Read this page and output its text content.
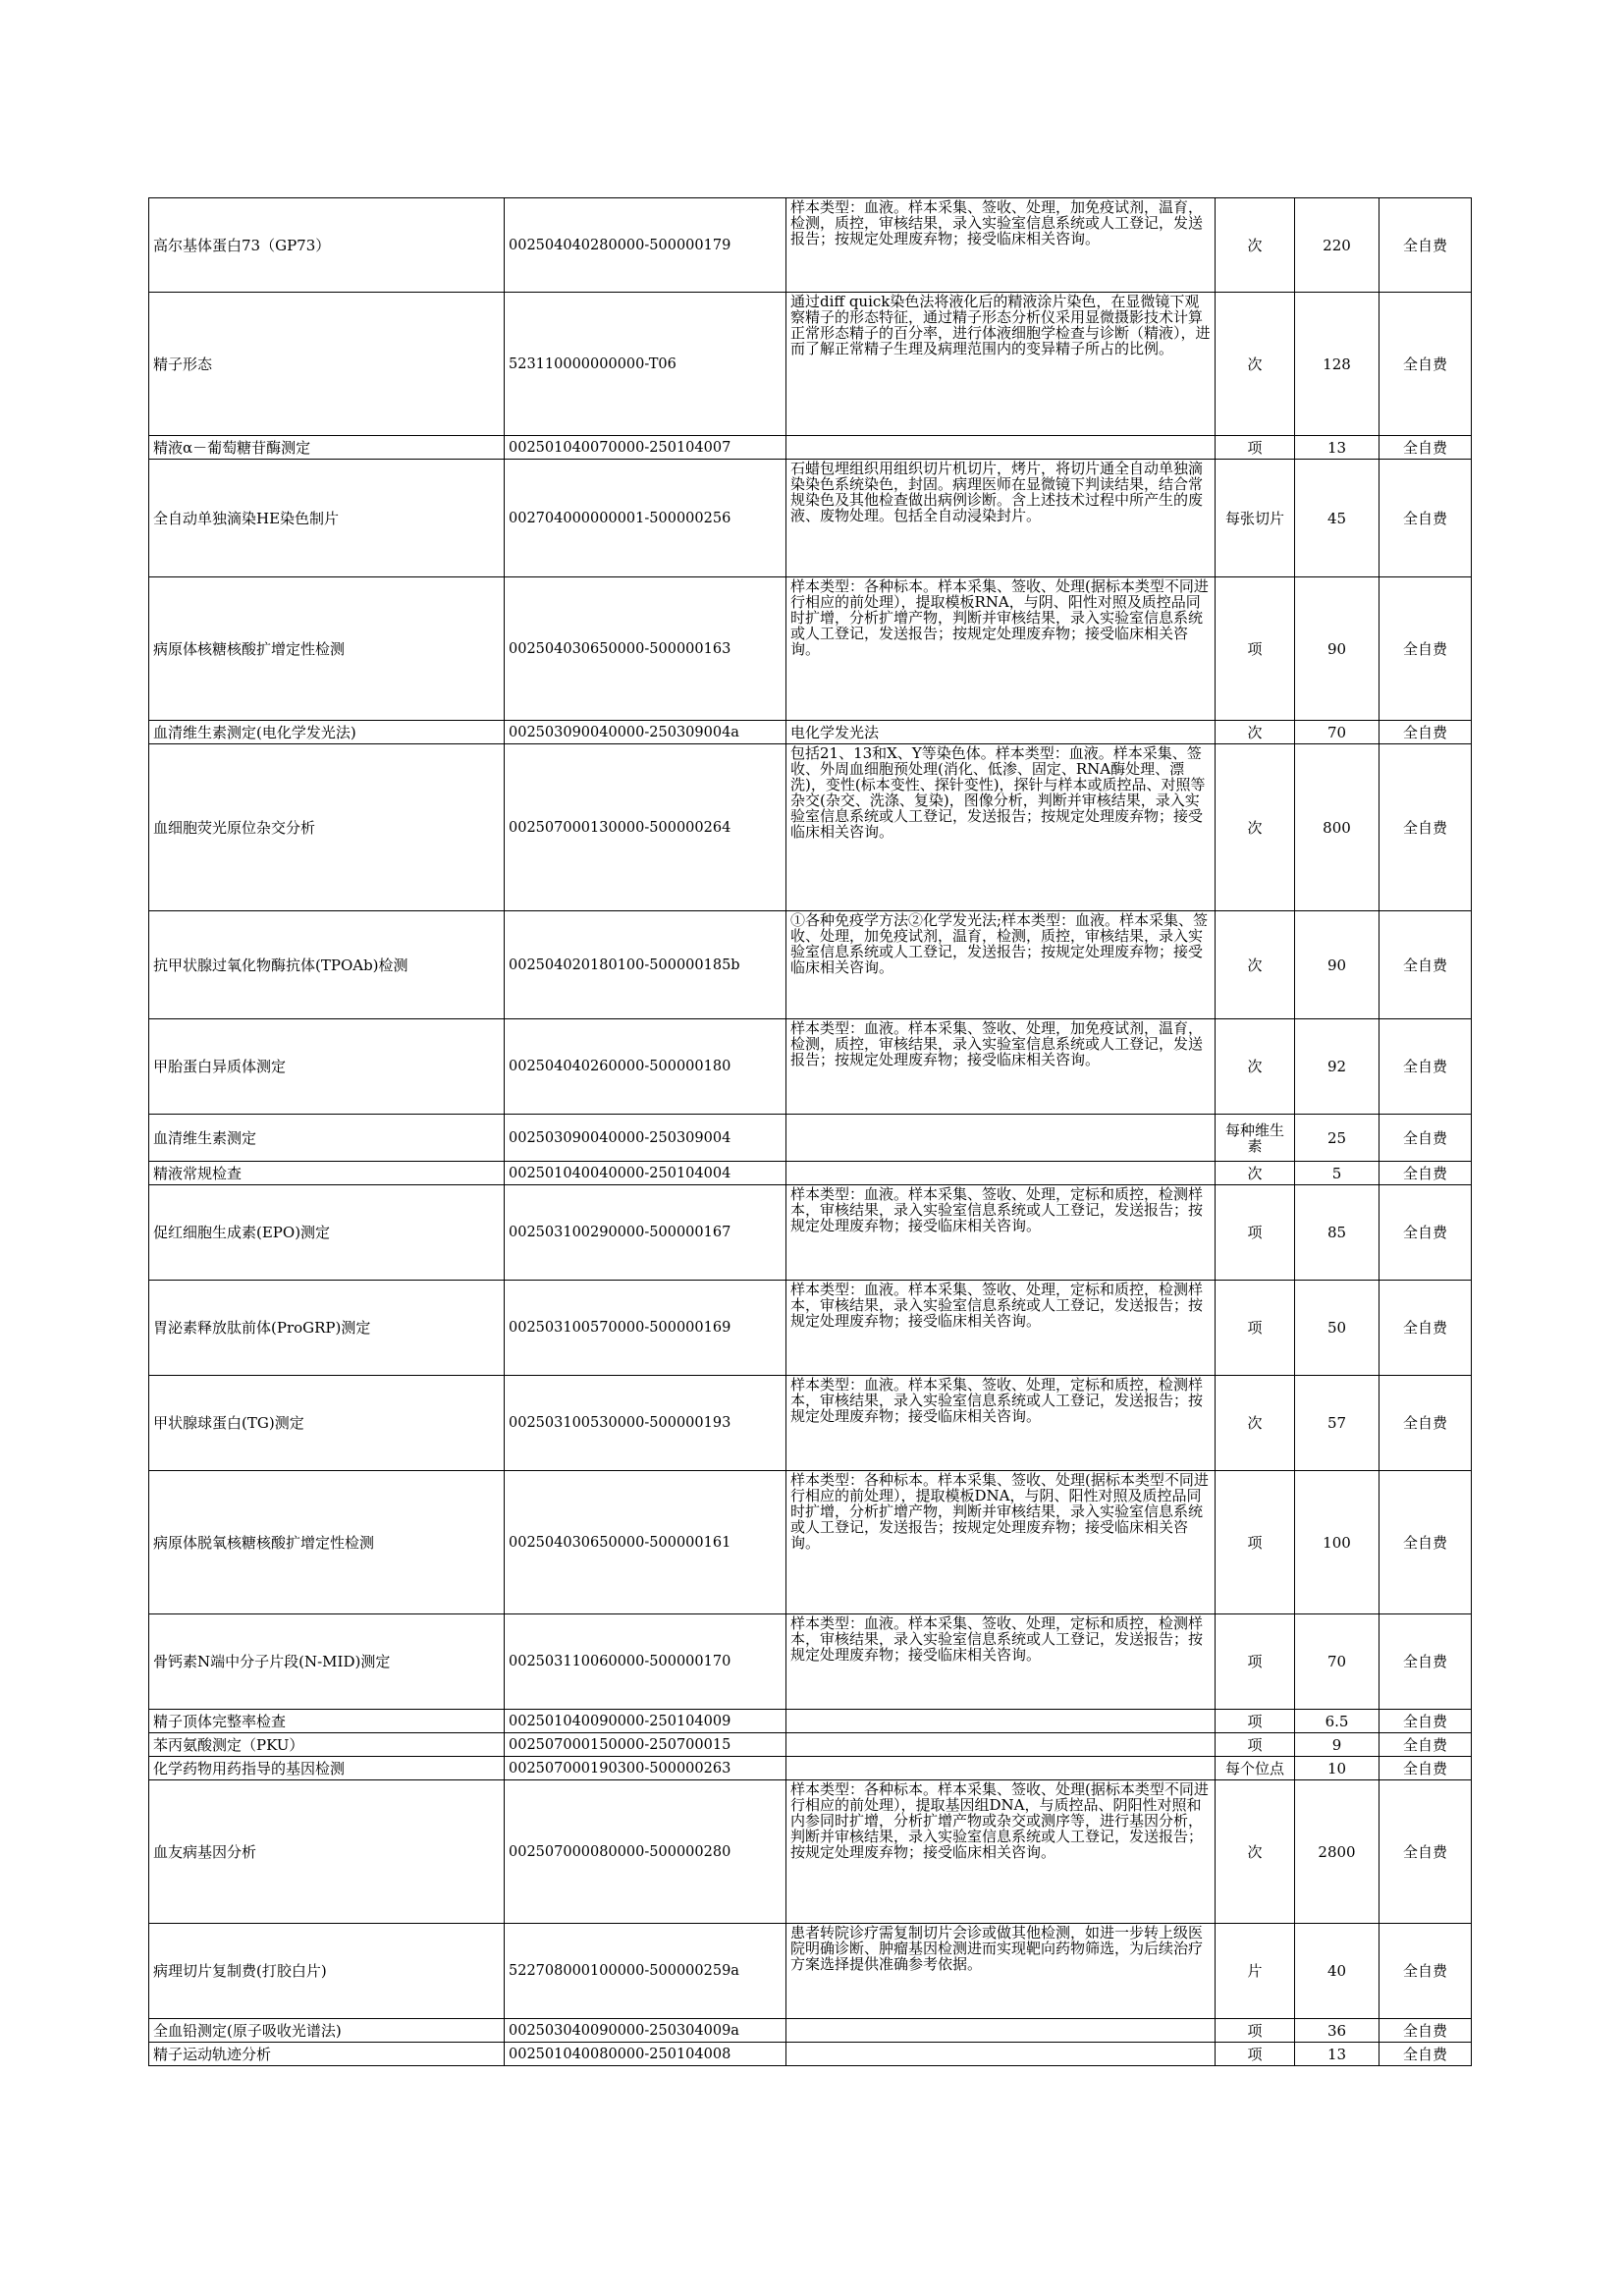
高尔基体蛋白73（GP73）	002504040280000-500000179	样本类型：血液。样本采集、签收、处理，加免疫试剂，温育，检测，质控，审核结果，录入实验室信息系统或人工登记，发送报告；按规定处理废弃物；接受临床相关咨询。	次	220	全自费
精子形态	523110000000000-T06	通过diff quick染色法将液化后的精液涂片染色，在显微镜下观察精子的形态特征，通过精子形态分析仪采用显微摄影技术计算正常形态精子的百分率，进行体液细胞学检查与诊断（精液），进而了解正常精子生理及病理范围内的变异精子所占的比例。	次	128	全自费
精液α－葡萄糖苷酶测定	002501040070000-250104007		项	13	全自费
全自动单独滴染HE染色制片	002704000000001-500000256	石蜡包埋组织用组织切片机切片，烤片，将切片通全自动单独滴染染色系统染色，封固。病理医师在显微镜下判读结果，结合常规染色及其他检查做出病例诊断。含上述技术过程中所产生的废液、废物处理。包括全自动浸染封片。	每张切片	45	全自费
病原体核糖核酸扩增定性检测	002504030650000-500000163	样本类型：各种标本。样本采集、签收、处理(据标本类型不同进行相应的前处理），提取模板RNA，与阴、阳性对照及质控品同时扩增，分析扩增产物，判断并审核结果，录入实验室信息系统或人工登记，发送报告；按规定处理废弃物；接受临床相关咨询。	项	90	全自费
血清维生素测定(电化学发光法)	002503090040000-250309004a	电化学发光法	次	70	全自费
血细胞荧光原位杂交分析	002507000130000-500000264	包括21、13和X、Y等染色体。样本类型：血液。样本采集、签收、外周血细胞预处理(消化、低渗、固定、RNA酶处理、漂洗)，变性(标本变性、探针变性)，探针与样本或质控品、对照等杂交(杂交、洗涤、复染)，图像分析，判断并审核结果，录入实验室信息系统或人工登记，发送报告；按规定处理废弃物；接受临床相关咨询。	次	800	全自费
抗甲状腺过氧化物酶抗体(TPOAb)检测	002504020180100-500000185b	①各种免疫学方法②化学发光法;样本类型：血液。样本采集、签收、处理，加免疫试剂，温育，检测，质控，审核结果，录入实验室信息系统或人工登记，发送报告；按规定处理废弃物；接受临床相关咨询。	次	90	全自费
甲胎蛋白异质体测定	002504040260000-500000180	样本类型：血液。样本采集、签收、处理，加免疫试剂，温育，检测，质控，审核结果，录入实验室信息系统或人工登记，发送报告；按规定处理废弃物；接受临床相关咨询。	次	92	全自费
血清维生素测定	002503090040000-250309004		每种维生素	25	全自费
精液常规检查	002501040040000-250104004		次	5	全自费
促红细胞生成素(EPO)测定	002503100290000-500000167	样本类型：血液。样本采集、签收、处理，定标和质控，检测样本，审核结果，录入实验室信息系统或人工登记，发送报告；按规定处理废弃物；接受临床相关咨询。	项	85	全自费
胃泌素释放肽前体(ProGRP)测定	002503100570000-500000169	样本类型：血液。样本采集、签收、处理，定标和质控，检测样本，审核结果，录入实验室信息系统或人工登记，发送报告；按规定处理废弃物；接受临床相关咨询。	项	50	全自费
甲状腺球蛋白(TG)测定	002503100530000-500000193	样本类型：血液。样本采集、签收、处理，定标和质控，检测样本，审核结果，录入实验室信息系统或人工登记，发送报告；按规定处理废弃物；接受临床相关咨询。	次	57	全自费
病原体脱氧核糖核酸扩增定性检测	002504030650000-500000161	样本类型：各种标本。样本采集、签收、处理(据标本类型不同进行相应的前处理），提取模板DNA，与阴、阳性对照及质控品同时扩增，分析扩增产物，判断并审核结果，录入实验室信息系统或人工登记，发送报告；按规定处理废弃物；接受临床相关咨询。	项	100	全自费
骨钙素N端中分子片段(N-MID)测定	002503110060000-500000170	样本类型：血液。样本采集、签收、处理，定标和质控，检测样本，审核结果，录入实验室信息系统或人工登记，发送报告；按规定处理废弃物；接受临床相关咨询。	项	70	全自费
精子顶体完整率检查	002501040090000-250104009		项	6.5	全自费
苯丙氨酸测定（PKU）	002507000150000-250700015		项	9	全自费
化学药物用药指导的基因检测	002507000190300-500000263		每个位点	10	全自费
血友病基因分析	002507000080000-500000280	样本类型：各种标本。样本采集、签收、处理(据标本类型不同进行相应的前处理），提取基因组DNA，与质控品、阴阳性对照和内参同时扩增，分析扩增产物或杂交或测序等，进行基因分析，判断并审核结果，录入实验室信息系统或人工登记，发送报告；按规定处理废弃物；接受临床相关咨询。	次	2800	全自费
病理切片复制费(打胶白片)	522708000100000-500000259a	患者转院诊疗需复制切片会诊或做其他检测，如进一步转上级医院明确诊断、肿瘤基因检测进而实现靶向药物筛选，为后续治疗方案选择提供准确参考依据。	片	40	全自费
全血铅测定(原子吸收光谱法)	002503040090000-250304009a		项	36	全自费
精子运动轨迹分析	002501040080000-250104008		项	13	全自费
